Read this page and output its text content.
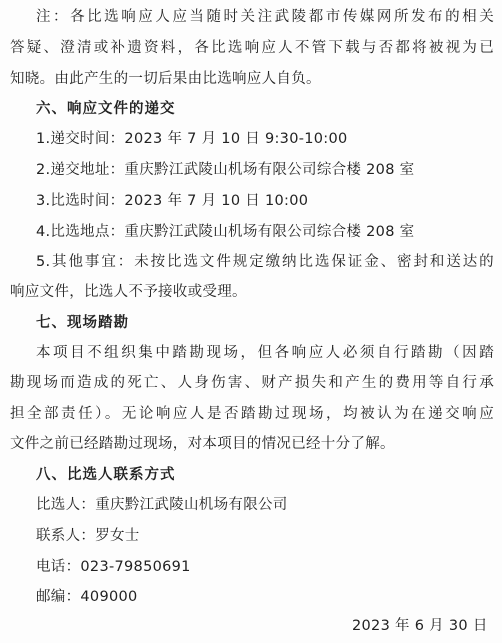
注：各比选响应人应当随时关注武陵都市传媒网所发布的相关
答疑、澄清或补遗资料，各比选响应人不管下载与否都将被视为已
知晓。由此产生的一切后果由比选响应人自负。
六、响应文件的递交
1.递交时间：2023 年 7 月 10 日 9:30-10:00
2.递交地址：重庆黔江武陵山机场有限公司综合楼 208 室
3.比选时间：2023 年 7 月 10 日 10:00
4.比选地点：重庆黔江武陵山机场有限公司综合楼 208 室
5.其他事宜：未按比选文件规定缴纳比选保证金、密封和送达的
响应文件，比选人不予接收或受理。
七、现场踏勘
本项目不组织集中踏勘现场，但各响应人必须自行踏勘（因踏
勘现场而造成的死亡、人身伤害、财产损失和产生的费用等自行承
担全部责任）。无论响应人是否踏勘过现场，均被认为在递交响应
文件之前已经踏勘过现场，对本项目的情况已经十分了解。
八、比选人联系方式
比选人：重庆黔江武陵山机场有限公司
联系人：罗女士
电话：023-79850691
邮编：409000
2023 年 6 月 30 日
